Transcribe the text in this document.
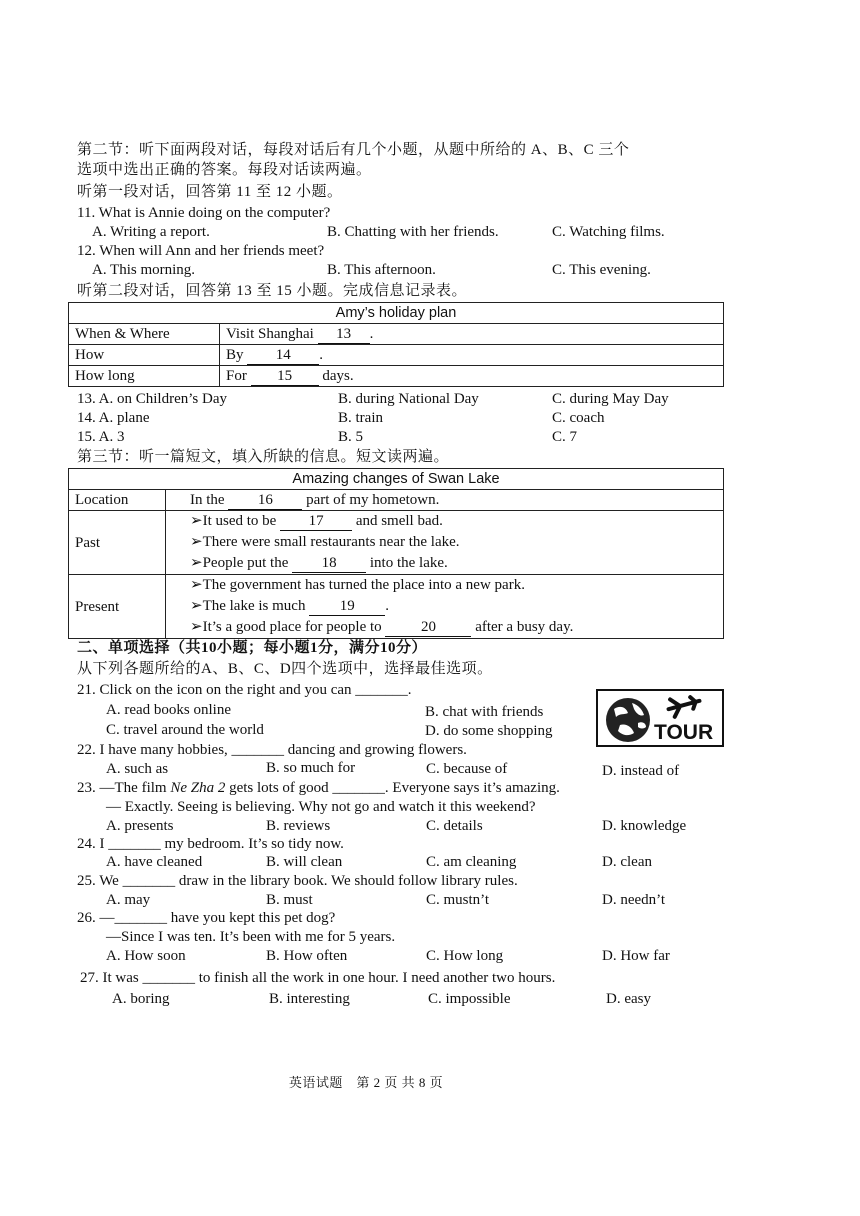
第二节：听下面两段对话，每段对话后有几个小题，从题中所给的 A、B、C 三个
选项中选出正确的答案。每段对话读两遍。
听第一段对话，回答第 11 至 12 小题。
11. What is Annie doing on the computer?
A. Writing a report.	B. Chatting with her friends.	C. Watching films.
12. When will Ann and her friends meet?
A. This morning.	B. This afternoon.	C. This evening.
听第二段对话，回答第 13 至 15 小题。完成信息记录表。
Amy’s holiday plan	
When & Where	Visit Shanghai 13 .
How	By 14 .
How long	For 15 days.
13. A. on Children’s Day	B. during National Day	C. during May Day
14. A. plane	B. train	C. coach
15. A. 3	B. 5	C. 7
第三节：听一篇短文，填入所缺的信息。短文读两遍。
Amazing changes of Swan Lake	
Location	In the 16 part of my hometown.
Past	➢It used to be 17 and smell bad.
➢There were small restaurants near the lake.
➢People put the 18 into the lake.

Present	➢The government has turned the place into a new park.
➢The lake is much 19 .
➢It’s a good place for people to 20 after a busy day.
二、单项选择（共10小题；每小题1分，满分10分）
从下列各题所给的A、B、C、D四个选项中，选择最佳选项。
21. Click on the icon on the right and you can _______.
A. read books online	B. chat with friends
C. travel around the world	D. do some shopping	TOUR
22. I have many hobbies, _______ dancing and growing flowers.
A. such as	B. so much for	C. because of	D. instead of
23. —The film Ne Zha 2 gets lots of good _______. Everyone says it’s amazing.
— Exactly. Seeing is believing. Why not go and watch it this weekend?
A. presents	B. reviews	C. details	D. knowledge
24. I _______ my bedroom. It’s so tidy now.
A. have cleaned	B. will clean	C. am cleaning	D. clean
25. We _______ draw in the library book. We should follow library rules.
A. may	B. must	C. mustn’t	D. needn’t
26. —_______ have you kept this pet dog?
—Since I was ten. It’s been with me for 5 years.
A. How soon	B. How often	C. How long	D. How far
27. It was _______ to finish all the work in one hour. I need another two hours.
A. boring	B. interesting	C. impossible	D. easy
英语试题　第 2 页 共 8 页
